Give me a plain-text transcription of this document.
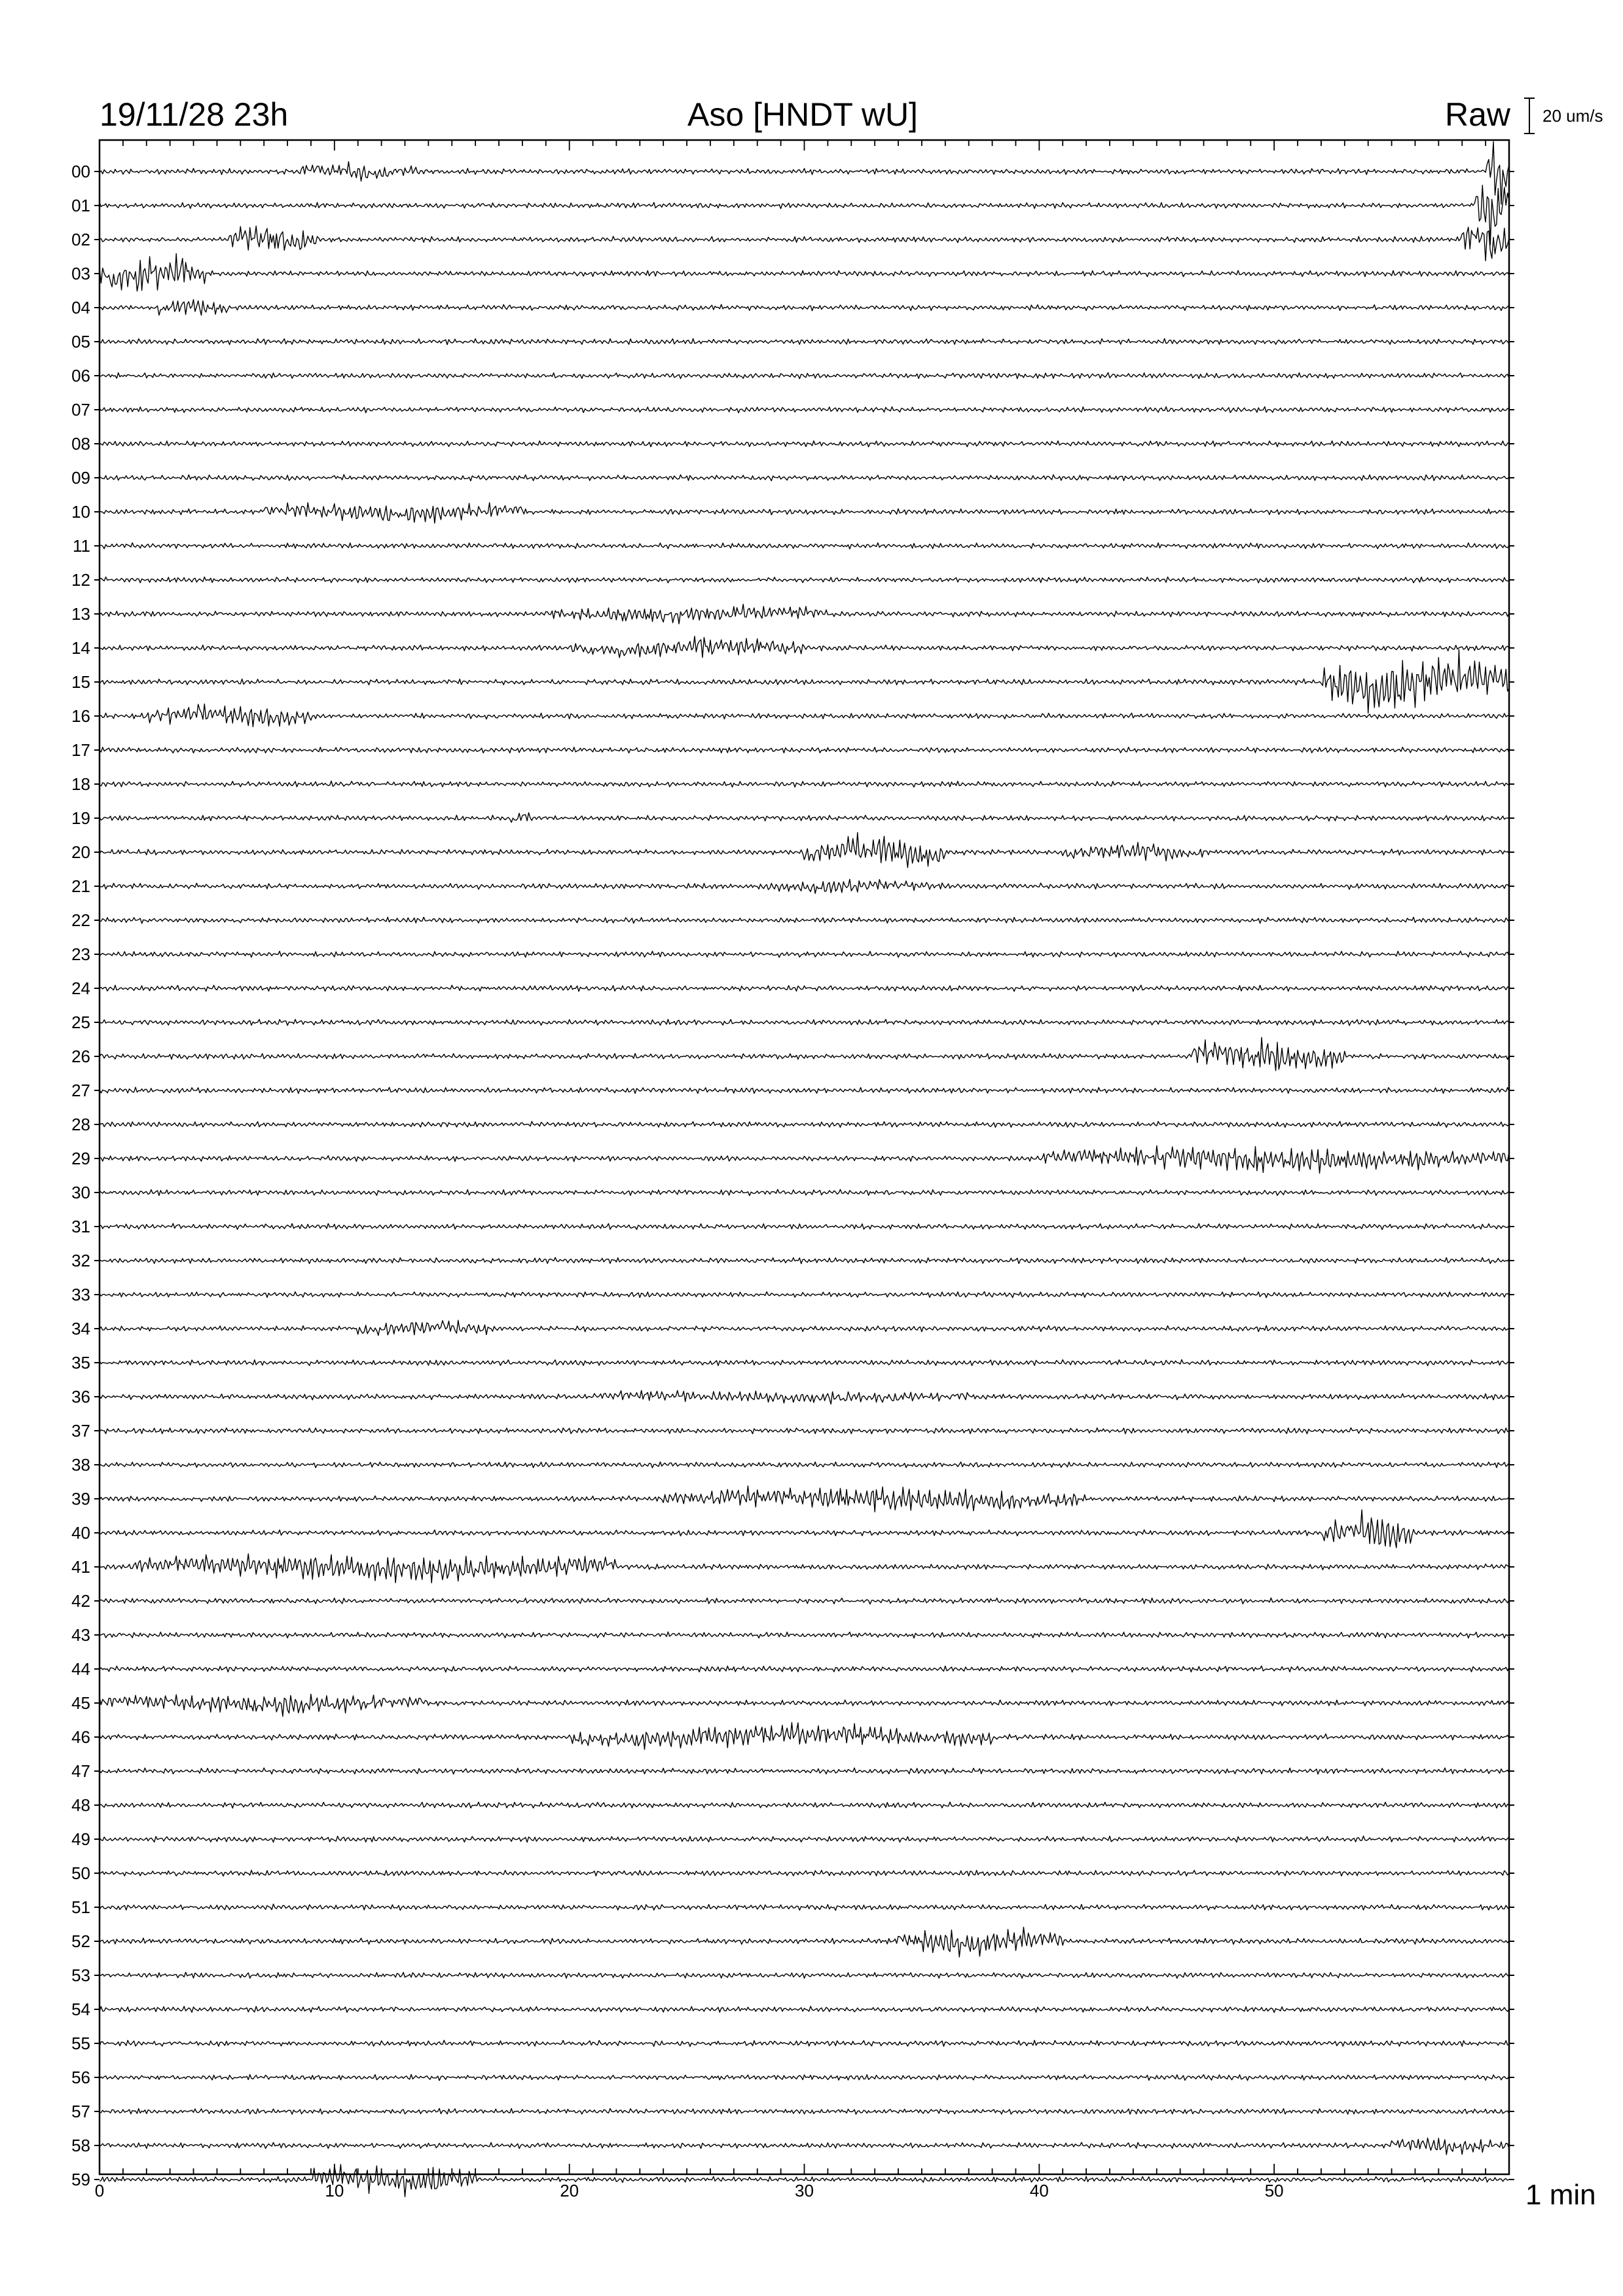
19/11/28 23h	Aso [HNDT wU]	Raw 20 um/s
1 min
00
01
02
03
04
05
06
07
08
09
10
11
12
13
14
15
16
17
18
19
20
21
22
23
24
25
26
27
28
29
30
31
32
33
34
35
36
37
38
39
40
41
42
43
44
45
46
47
48
49
50
51
52
53
54
55
56
57
58
59
0	10	20	30	40	50
